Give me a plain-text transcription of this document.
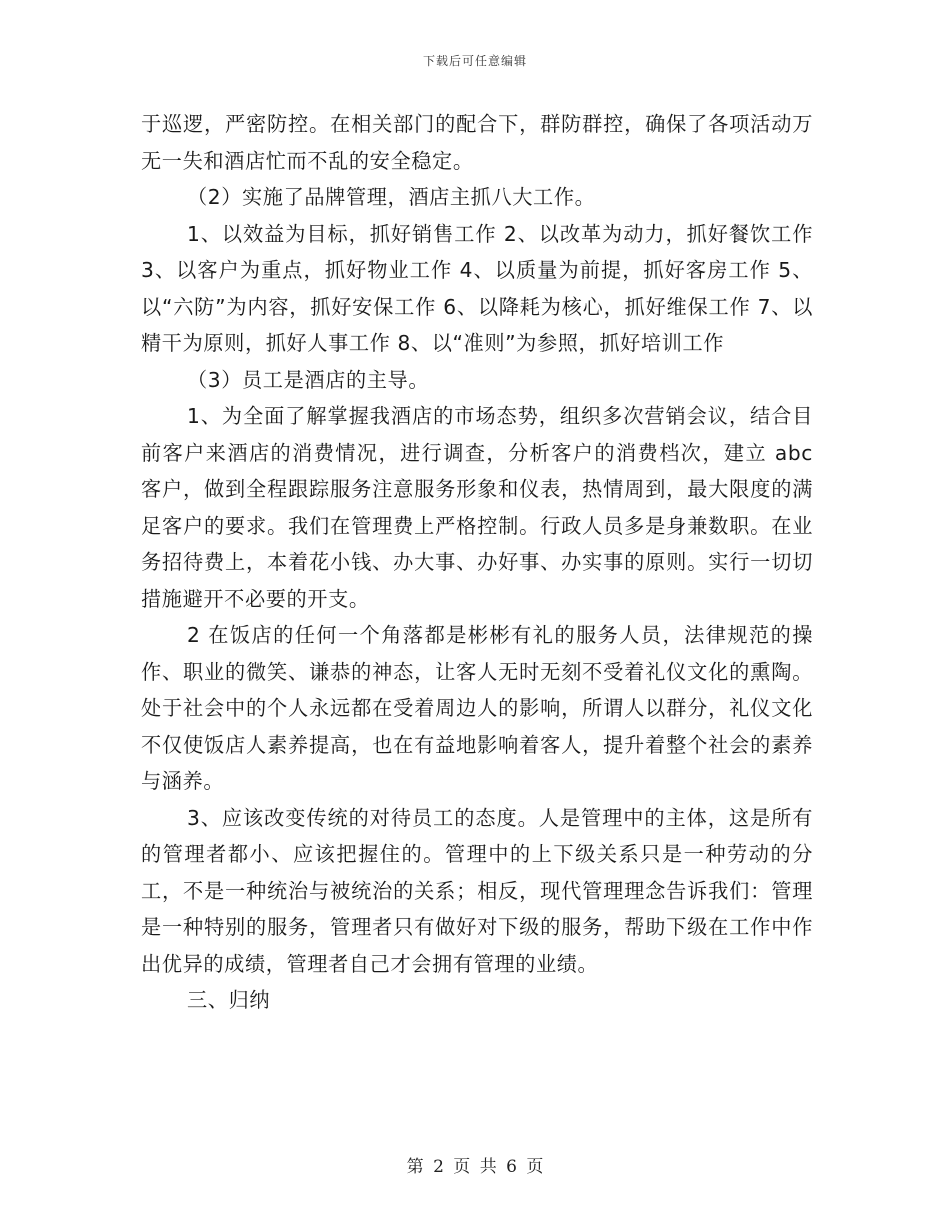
下载后可任意编辑

于巡逻，严密防控。在相关部门的配合下，群防群控，确保了各项活动万无一失和酒店忙而不乱的安全稳定。

（2）实施了品牌管理，酒店主抓八大工作。

1、以效益为目标，抓好销售工作 2、以改革为动力，抓好餐饮工作 3、以客户为重点，抓好物业工作 4、以质量为前提，抓好客房工作 5、以“六防”为内容，抓好安保工作 6、以降耗为核心，抓好维保工作 7、以精干为原则，抓好人事工作 8、以“准则”为参照，抓好培训工作

（3）员工是酒店的主导。

1、为全面了解掌握我酒店的市场态势，组织多次营销会议，结合目前客户来酒店的消费情况，进行调查，分析客户的消费档次，建立 abc 客户，做到全程跟踪服务注意服务形象和仪表，热情周到，最大限度的满足客户的要求。我们在管理费上严格控制。行政人员多是身兼数职。在业务招待费上，本着花小钱、办大事、办好事、办实事的原则。实行一切切措施避开不必要的开支。

2 在饭店的任何一个角落都是彬彬有礼的服务人员，法律规范的操作、职业的微笑、谦恭的神态，让客人无时无刻不受着礼仪文化的熏陶。处于社会中的个人永远都在受着周边人的影响，所谓人以群分，礼仪文化不仅使饭店人素养提高，也在有益地影响着客人，提升着整个社会的素养与涵养。

3、应该改变传统的对待员工的态度。人是管理中的主体，这是所有的管理者都小、应该把握住的。管理中的上下级关系只是一种劳动的分工，不是一种统治与被统治的关系；相反，现代管理理念告诉我们：管理是一种特别的服务，管理者只有做好对下级的服务，帮助下级在工作中作出优异的成绩，管理者自己才会拥有管理的业绩。

三、归纳

第 2 页 共 6 页
